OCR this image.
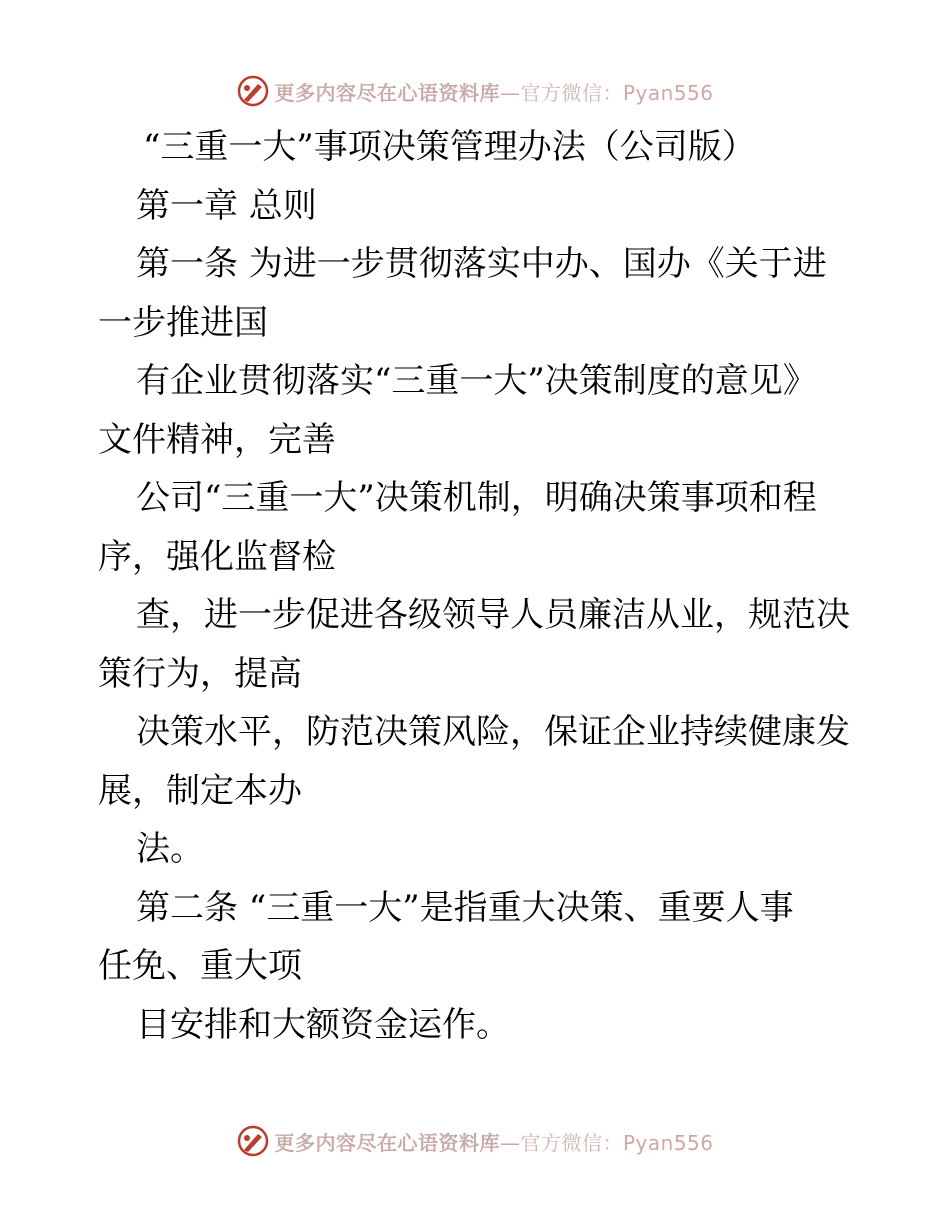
更多内容尽在心语资料库—官方微信：Pyan556
“三重一大”事项决策管理办法（公司版）
第一章 总则
第一条 为进一步贯彻落实中办、国办《关于进
一步推进国
有企业贯彻落实“三重一大”决策制度的意见》
文件精神，完善
公司“三重一大”决策机制，明确决策事项和程
序，强化监督检
查，进一步促进各级领导人员廉洁从业，规范决
策行为，提高
决策水平，防范决策风险，保证企业持续健康发
展，制定本办
法。
第二条 “三重一大”是指重大决策、重要人事
任免、重大项
目安排和大额资金运作。
更多内容尽在心语资料库—官方微信：Pyan556
